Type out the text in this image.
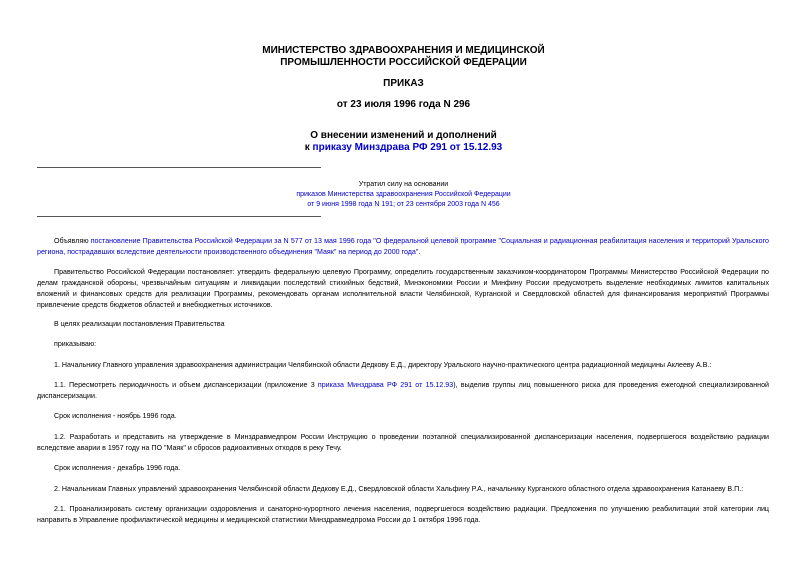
МИНИСТЕРСТВО ЗДРАВООХРАНЕНИЯ И МЕДИЦИНСКОЙ
ПРОМЫШЛЕННОСТИ РОССИЙСКОЙ ФЕДЕРАЦИИ
ПРИКАЗ
от 23 июля 1996 года N 296
О внесении изменений и дополнений
к приказу Минздрава РФ 291 от 15.12.93
Утратил силу на основании
приказов Министерства здравоохранения Российской Федерации
от 9 июня 1998 года N 191; от 23 сентября 2003 года N 456
Объявляю постановление Правительства Российской Федерации за N 577 от 13 мая 1996 года "О федеральной целевой программе "Социальная и радиационная реабилитация населения и территорий Уральского региона, пострадавших вследствие деятельности производственного объединения "Маяк" на период до 2000 года".
Правительство Российской Федерации постановляет: утвердить федеральную целевую Программу, определить государственным заказчиком-координатором Программы Министерство Российской Федерации по делам гражданской обороны, чрезвычайным ситуациям и ликвидации последствий стихийных бедствий, Минэкономики России и Минфину России предусмотреть выделение необходимых лимитов капитальных вложений и финансовых средств для реализации Программы, рекомендовать органам исполнительной власти Челябинской, Курганской и Свердловской областей для финансирования мероприятий Программы привлечение средств бюджетов областей и внебюджетных источников.
В целях реализации постановления Правительства
приказываю:
1. Начальнику Главного управления здравоохранения администрации Челябинской области Дедкову Е.Д., директору Уральского научно-практического центра радиационной медицины Аклееву А.В.:
1.1. Пересмотреть периодичность и объем диспансеризации (приложение 3 приказа Минздрава РФ 291 от 15.12.93), выделив группы лиц повышенного риска для проведения ежегодной специализированной диспансеризации.
Срок исполнения - ноябрь 1996 года.
1.2. Разработать и представить на утверждение в Минздравмедпром России Инструкцию о проведении поэтапной специализированной диспансеризации населения, подвергшегося воздействию радиации вследствие аварии в 1957 году на ПО "Маяк" и сбросов радиоактивных отходов в реку Течу.
Срок исполнения - декабрь 1996 года.
2. Начальникам Главных управлений здравоохранения Челябинской области Дедкову Е.Д., Свердловской области Хальфину Р.А., начальнику Курганского областного отдела здравоохранения Катанаеву В.П.:
2.1. Проанализировать систему организации оздоровления и санаторно-курортного лечения населения, подвергшегося воздействию радиации. Предложения по улучшению реабилитации этой категории лиц направить в Управление профилактической медицины и медицинской статистики Минздравмедпрома России до 1 октября 1996 года.
